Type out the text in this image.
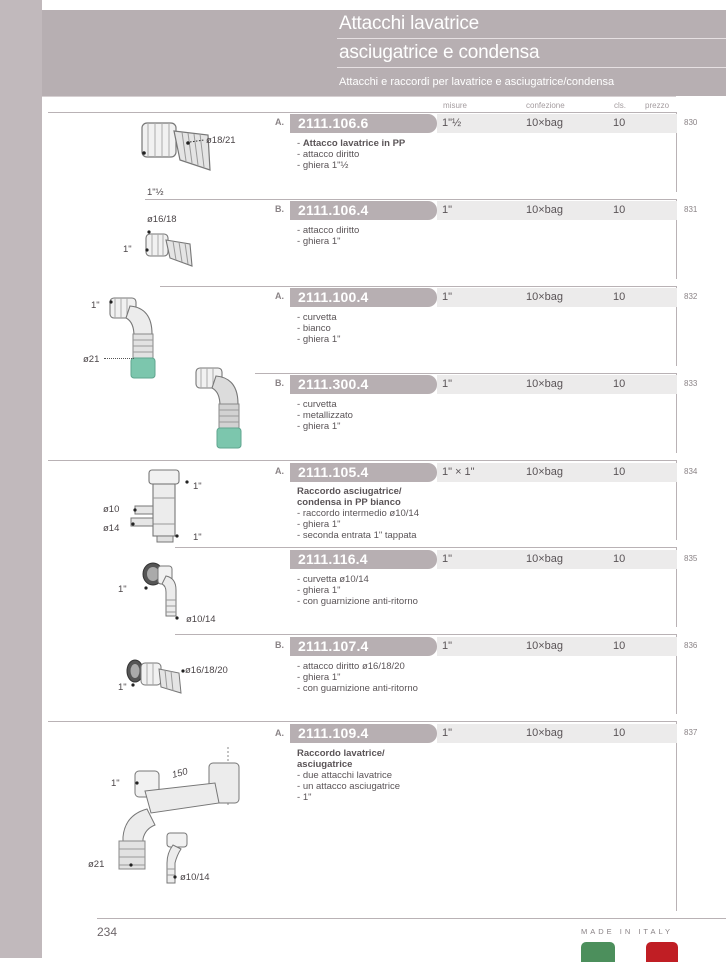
Attacchi lavatrice
asciugatrice e condensa
Attacchi e raccordi per lavatrice e asciugatrice/condensa
misure	confezione	cls. prezzo
A. 2111.106.6	1"½	10×bag	10	830
- Attacco lavatrice in PP
- attacco diritto
- ghiera 1"½
B. 2111.106.4	1"	10×bag	10	831
- attacco diritto
- ghiera 1"
A. 2111.100.4	1"	10×bag	10	832
- curvetta
- bianco
- ghiera 1"
B. 2111.300.4	1"	10×bag	10	833
- curvetta
- metallizzato
- ghiera 1"
A. 2111.105.4	1" × 1"	10×bag	10	834
Raccordo asciugatrice/ condensa in PP bianco
- raccordo intermedio ø10/14
- ghiera 1"
- seconda entrata 1" tappata
2111.116.4	1"	10×bag	10	835
- curvetta ø10/14
- ghiera 1"
- con guarnizione anti-ritorno
B. 2111.107.4	1"	10×bag	10	836
- attacco diritto ø16/18/20
- ghiera 1"
- con guarnizione anti-ritorno
A. 2111.109.4	1"	10×bag	10	837
Raccordo lavatrice/ asciugatrice
- due attacchi lavatrice
- un attacco asciugatrice
- 1"
ø18/21
1"½
ø16/18
1"
1"
ø21
1"
ø10
ø14
1"
1"
ø10/14
ø16/18/20
1"
1"
150
ø21
ø10/14
234	MADE IN ITALY
